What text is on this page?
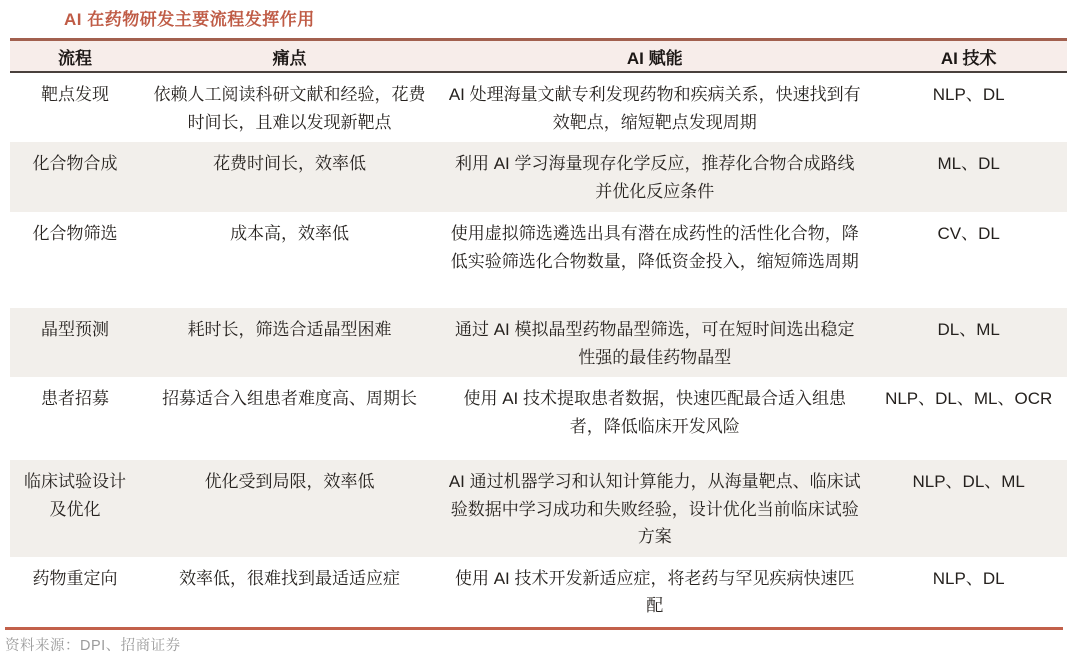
AI 在药物研发主要流程发挥作用
流程	痛点	AI 赋能	AI 技术
靶点发现	依赖人工阅读科研文献和经验，花费时间长，且难以发现新靶点	AI 处理海量文献专利发现药物和疾病关系，快速找到有效靶点，缩短靶点发现周期	NLP、DL
化合物合成	花费时间长，效率低	利用 AI 学习海量现存化学反应，推荐化合物合成路线并优化反应条件	ML、DL
化合物筛选	成本高，效率低	使用虚拟筛选遴选出具有潜在成药性的活性化合物，降低实验筛选化合物数量，降低资金投入，缩短筛选周期	CV、DL
晶型预测	耗时长，筛选合适晶型困难	通过 AI 模拟晶型药物晶型筛选，可在短时间选出稳定性强的最佳药物晶型	DL、ML
患者招募	招募适合入组患者难度高、周期长	使用 AI 技术提取患者数据，快速匹配最合适入组患者，降低临床开发风险	NLP、DL、ML、OCR
临床试验设计及优化	优化受到局限，效率低	AI 通过机器学习和认知计算能力，从海量靶点、临床试验数据中学习成功和失败经验，设计优化当前临床试验方案	NLP、DL、ML
药物重定向	效率低，很难找到最适适应症	使用 AI 技术开发新适应症，将老药与罕见疾病快速匹配	NLP、DL
资料来源：DPI、招商证券
